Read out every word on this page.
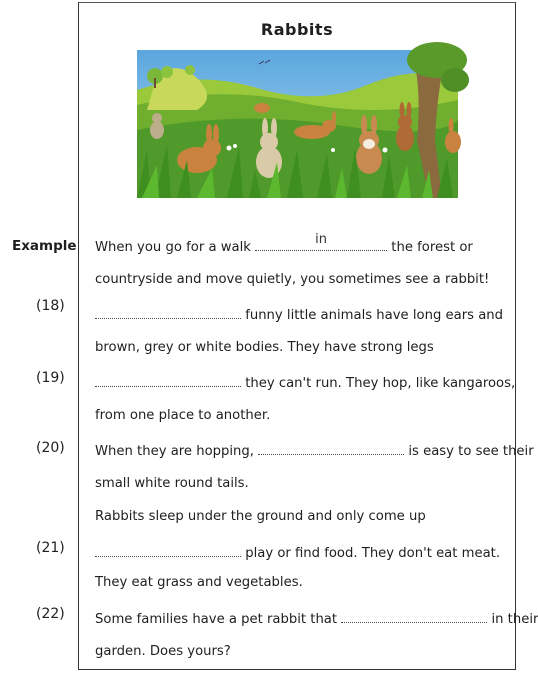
Rabbits
Example When you go for a walk
in
the forest or
countryside and move quietly, you sometimes see a rabbit!
(18)
funny little animals have long ears and
brown, grey or white bodies. They have strong legs
(19)	they can't run. They hop, like kangaroos,
from one place to another.
(20) When they are hopping,	is easy to see their
small white round tails.
Rabbits sleep under the ground and only come up
(21)	play or find food. They don't eat meat.
They eat grass and vegetables.
(22) Some families have a pet rabbit that	in their
garden. Does yours?
